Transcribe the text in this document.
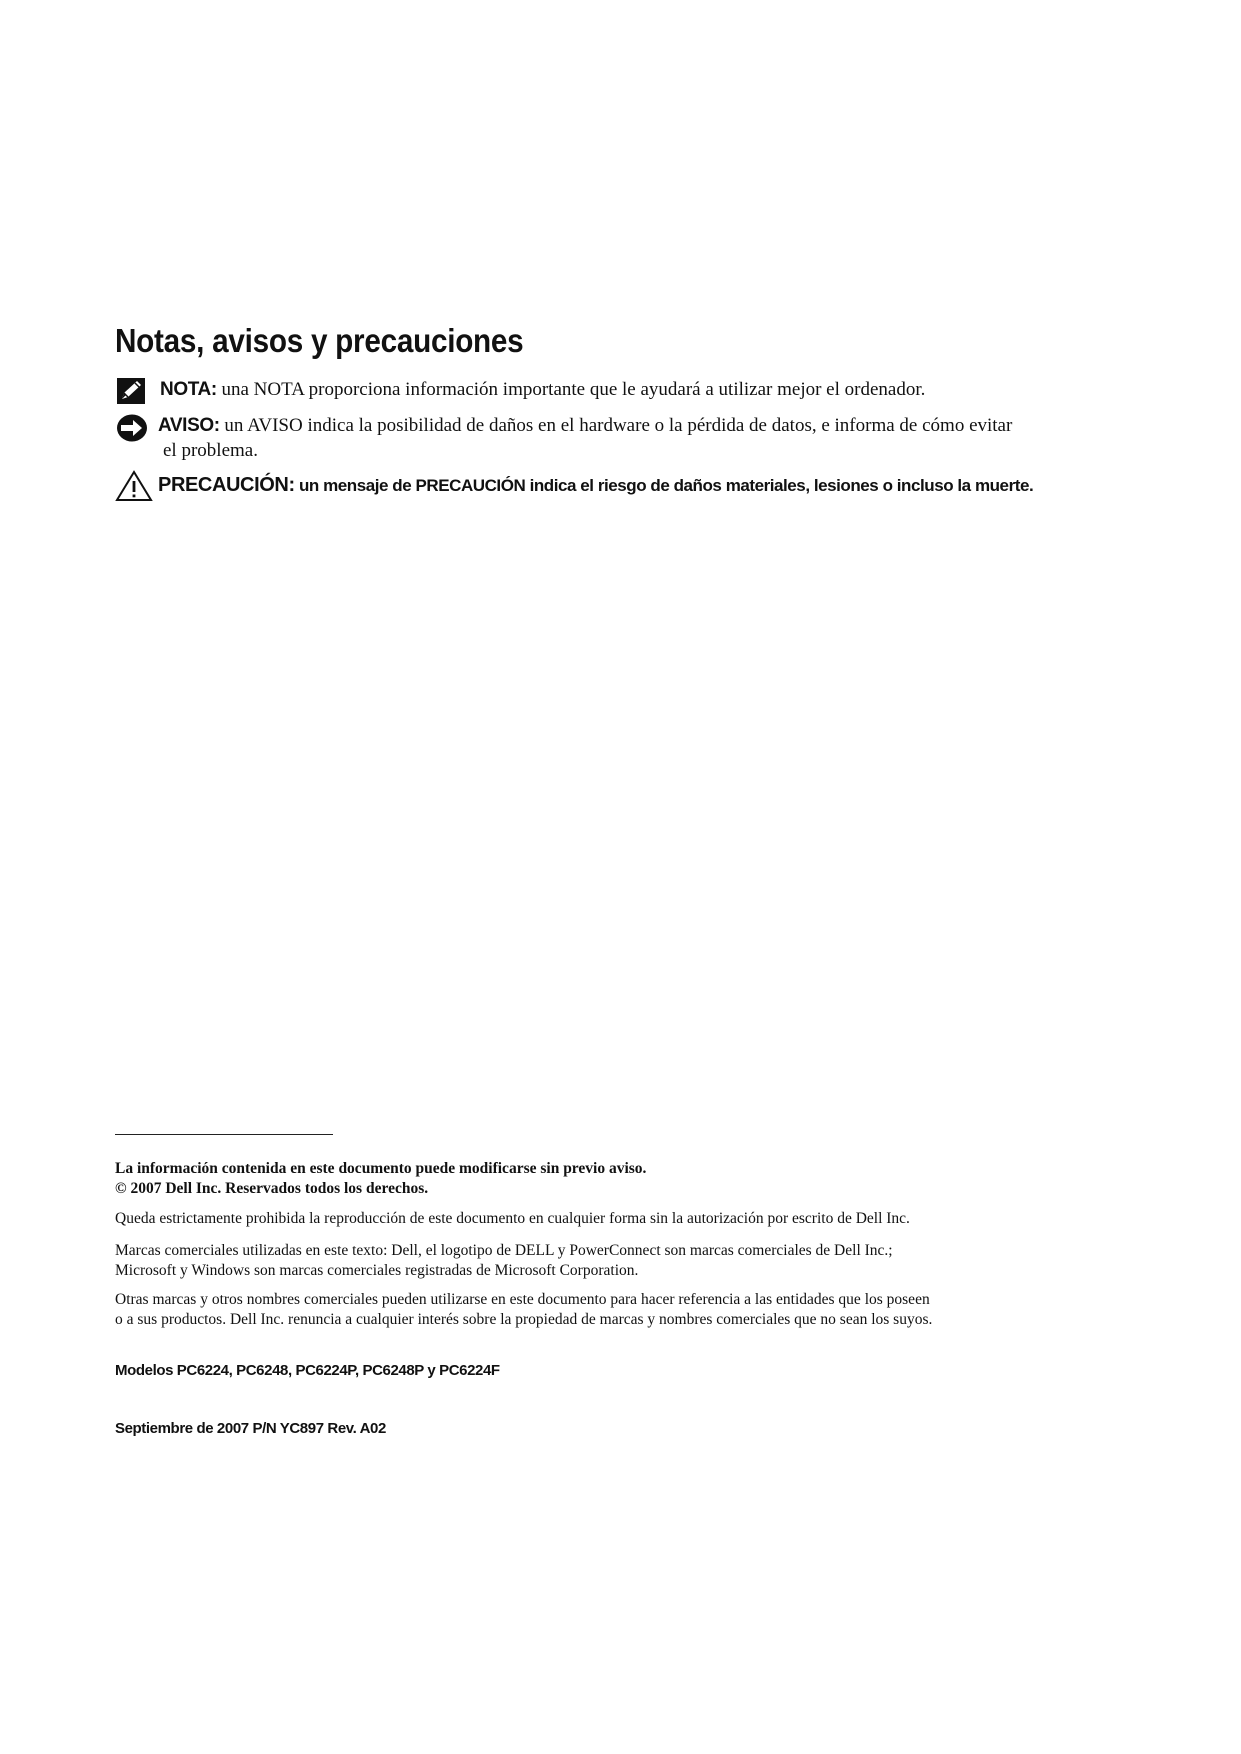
Notas, avisos y precauciones
NOTA: una NOTA proporciona información importante que le ayudará a utilizar mejor el ordenador.
AVISO: un AVISO indica la posibilidad de daños en el hardware o la pérdida de datos, e informa de cómo evitar
el problema.
PRECAUCIÓN: un mensaje de PRECAUCIÓN indica el riesgo de daños materiales, lesiones o incluso la muerte.

La información contenida en este documento puede modificarse sin previo aviso.
© 2007 Dell Inc. Reservados todos los derechos.

Queda estrictamente prohibida la reproducción de este documento en cualquier forma sin la autorización por escrito de Dell Inc.

Marcas comerciales utilizadas en este texto: Dell, el logotipo de DELL y PowerConnect son marcas comerciales de Dell Inc.;
Microsoft y Windows son marcas comerciales registradas de Microsoft Corporation.

Otras marcas y otros nombres comerciales pueden utilizarse en este documento para hacer referencia a las entidades que los poseen
o a sus productos. Dell Inc. renuncia a cualquier interés sobre la propiedad de marcas y nombres comerciales que no sean los suyos.

Modelos PC6224, PC6248, PC6224P, PC6248P y PC6224F

Septiembre de 2007 P/N YC897 Rev. A02
